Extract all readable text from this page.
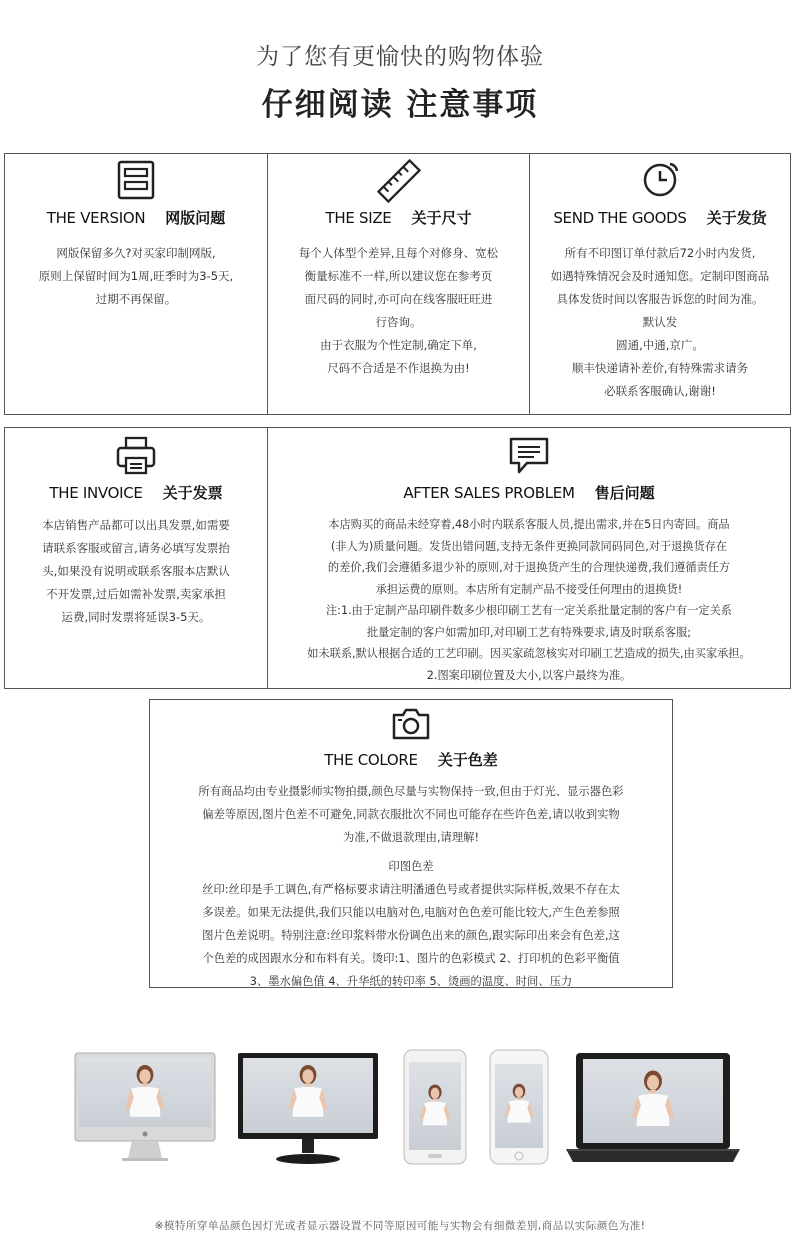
为了您有更愉快的购物体验
仔细阅读 注意事项
THE VERSION 网版问题

网版保留多久?对买家印制网版,

原则上保留时间为1周,旺季时为3-5天,

过期不再保留。

THE SIZE 关于尺寸

每个人体型个差异,且每个对修身、宽松

衡量标准不一样,所以建议您在参考页

面尺码的同时,亦可向在线客服旺旺进

行咨询。

由于衣服为个性定制,确定下单,

尺码不合适是不作退换为由!

SEND THE GOODS 关于发货

所有不印图订单付款后72小时内发货,

如遇特殊情况会及时通知您。定制印图商品

具体发货时间以客服告诉您的时间为准。

默认发

圆通,中通,京广。

顺丰快递请补差价,有特殊需求请务

必联系客服确认,谢谢!

THE INVOICE 关于发票

本店销售产品都可以出具发票,如需要

请联系客服或留言,请务必填写发票抬

头,如果没有说明或联系客服本店默认

不开发票,过后如需补发票,卖家承担

运费,同时发票将延误3-5天。

AFTER SALES PROBLEM 售后问题

本店购买的商品未经穿着,48小时内联系客服人员,提出需求,并在5日内寄回。商品

(非人为)质量问题。发货出错问题,支持无条件更换同款同码同色,对于退换货存在

的差价,我们会遵循多退少补的原则,对于退换货产生的合理快递费,我们遵循责任方

承担运费的原则。本店所有定制产品不接受任何理由的退换货!

注:1.由于定制产品印刷件数多少根印刷工艺有一定关系批量定制的客户有一定关系

批量定制的客户如需加印,对印刷工艺有特殊要求,请及时联系客服;

如未联系,默认根据合适的工艺印刷。因买家疏忽核实对印刷工艺造成的损失,由买家承担。

2.图案印刷位置及大小,以客户最终为准。

THE COLORE 关于色差

所有商品均由专业摄影师实物拍摄,颜色尽量与实物保持一致,但由于灯光、显示器色彩

偏差等原因,图片色差不可避免,同款衣服批次不同也可能存在些许色差,请以收到实物

为准,不做退款理由,请理解!

印图色差

丝印:丝印是手工调色,有严格标要求请注明潘通色号或者提供实际样板,效果不存在太

多误差。如果无法提供,我们只能以电脑对色,电脑对色色差可能比较大,产生色差参照

图片色差说明。特别注意:丝印浆料带水份调色出来的颜色,跟实际印出来会有色差,这

个色差的成因跟水分和布料有关。烫印:1、图片的色彩模式 2、打印机的色彩平衡值

3、墨水偏色值 4、升华纸的转印率 5、烫画的温度、时间、压力

※模特所穿单品颜色因灯光或者显示器设置不同等原因可能与实物会有细微差别,商品以实际颜色为准!
